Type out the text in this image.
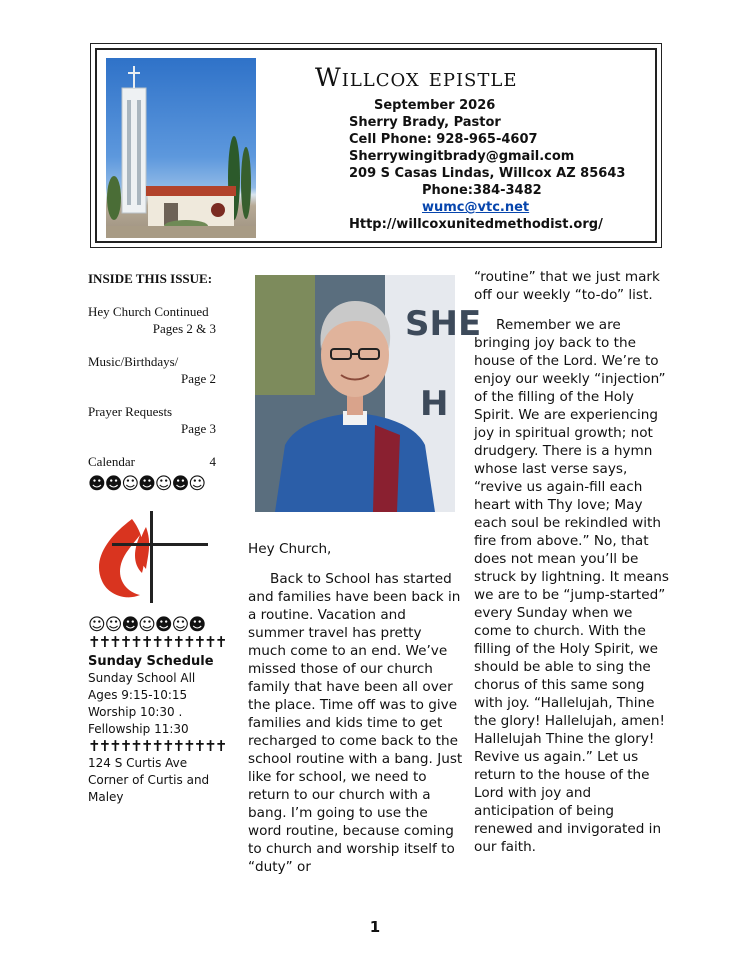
Willcox epistle
September 2026
Sherry Brady, Pastor
Cell Phone: 928-965-4607
Sherrywingitbrady@gmail.com
209 S Casas Lindas, Willcox AZ 85643
Phone:384-3482
wumc@vtc.net
Http://willcoxunitedmethodist.org/

INSIDE THIS ISSUE:

Hey Church Continued
Pages 2 & 3
Music/Birthdays/
Page 2
Prayer Requests
Page 3
Calendar	4
☻☻☺☻☺☻☺
☺☺☻☺☻☺☻
✝✝✝✝✝✝✝✝✝✝✝✝✝
Sunday Schedule
Sunday School All
Ages 9:15-10:15
Worship 10:30 .
Fellowship 11:30
✝✝✝✝✝✝✝✝✝✝✝✝✝
124 S Curtis Ave
Corner of Curtis and
Maley
SHE
H

Hey Church,

Back to School has started and families have been back in a routine. Vacation and summer travel has pretty much come to an end. We’ve missed those of our church family that have been all over the place. Time off was to give families and kids time to get recharged to come back to the school routine with a bang. Just like for school, we need to return to our church with a bang. I’m going to use the word routine, because coming to church and worship itself to “duty” or

“routine” that we just mark off our weekly “to-do” list.

Remember we are bringing joy back to the house of the Lord. We’re to enjoy our weekly “injection” of the filling of the Holy Spirit. We are experiencing joy in spiritual growth; not drudgery. There is a hymn whose last verse says, “revive us again-fill each heart with Thy love; May each soul be rekindled with fire from above.” No, that does not mean you’ll be struck by lightning. It means we are to be “jump-started” every Sunday when we come to church. With the filling of the Holy Spirit, we should be able to sing the chorus of this same song with joy. “Hallelujah, Thine the glory! Hallelujah, amen! Hallelujah Thine the glory! Revive us again.” Let us return to the house of the Lord with joy and anticipation of being renewed and invigorated in our faith.

1
